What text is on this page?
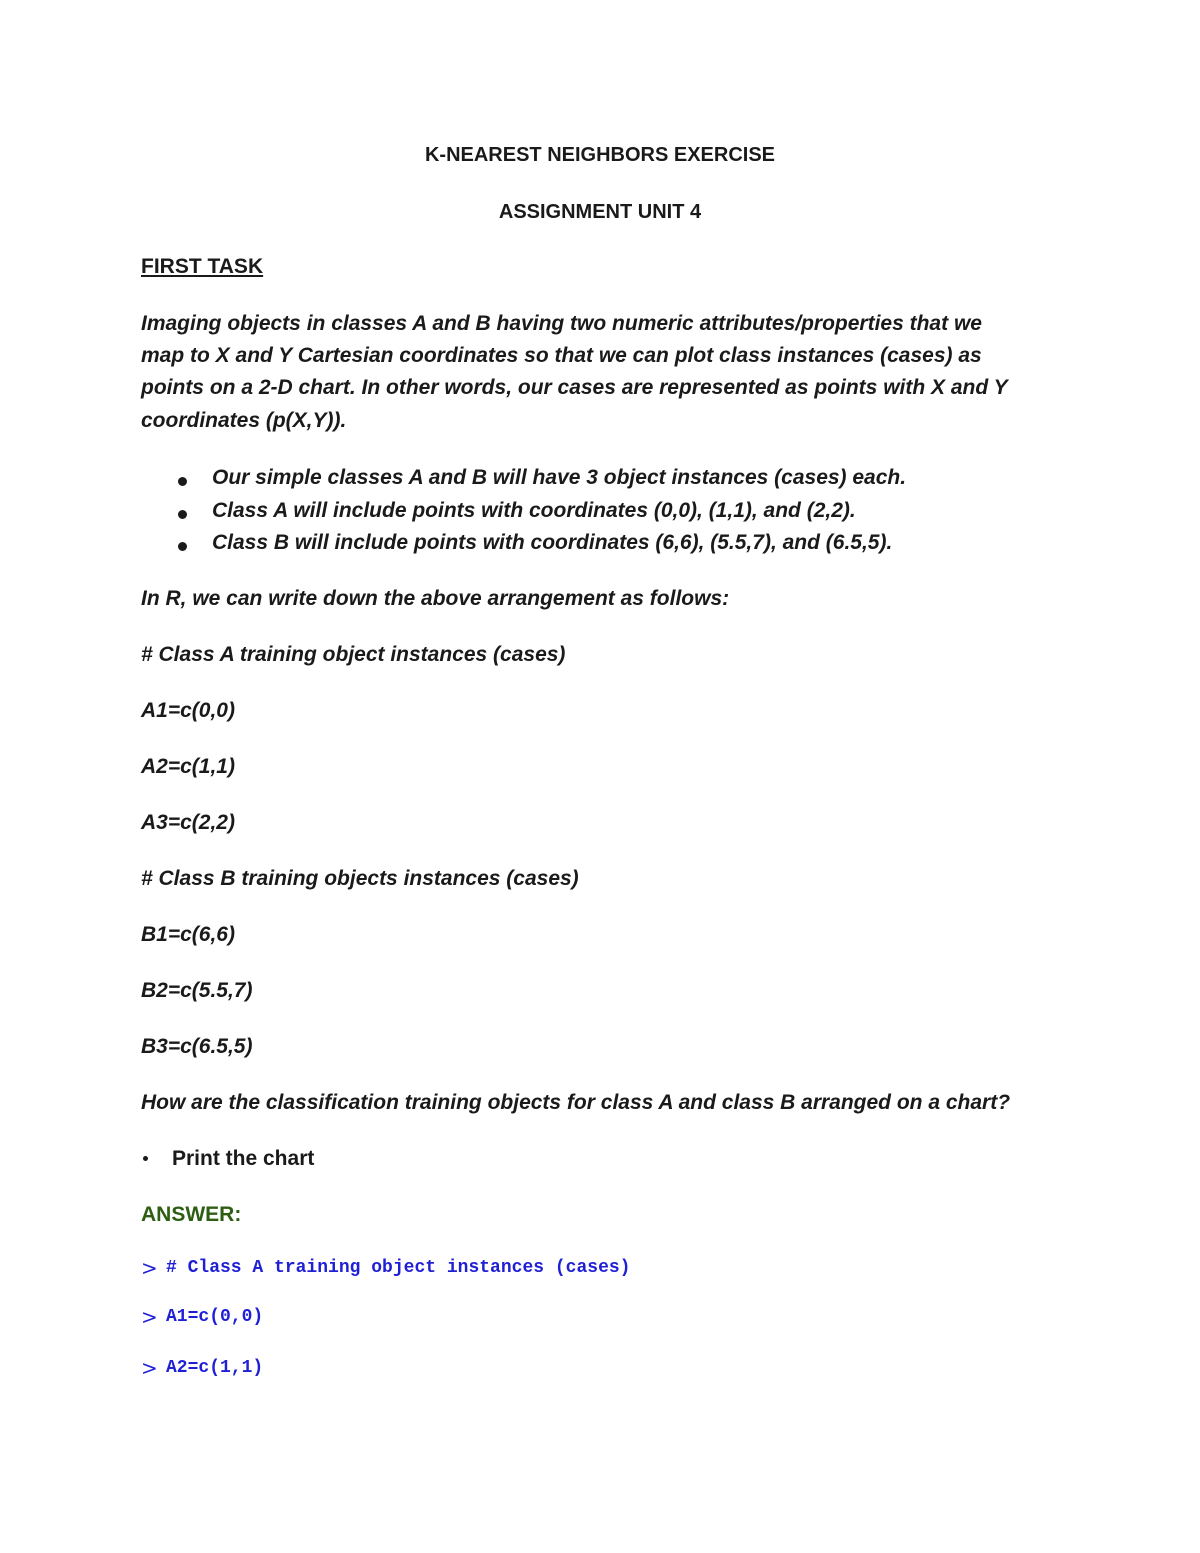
K-NEAREST NEIGHBORS EXERCISE
ASSIGNMENT UNIT 4
FIRST TASK
Imaging objects in classes A and B having two numeric attributes/properties that we
map to X and Y Cartesian coordinates so that we can plot class instances (cases) as
points on a 2-D chart. In other words, our cases are represented as points with X and Y
coordinates (p(X,Y)).
Our simple classes A and B will have 3 object instances (cases) each.
Class A will include points with coordinates (0,0), (1,1), and (2,2).
Class B will include points with coordinates (6,6), (5.5,7), and (6.5,5).
In R, we can write down the above arrangement as follows:
# Class A training object instances (cases)
A1=c(0,0)
A2=c(1,1)
A3=c(2,2)
# Class B training objects instances (cases)
B1=c(6,6)
B2=c(5.5,7)
B3=c(6.5,5)
How are the classification training objects for class A and class B arranged on a chart?
Print the chart
ANSWER:
> # Class A training object instances (cases)
> A1=c(0,0)
> A2=c(1,1)
